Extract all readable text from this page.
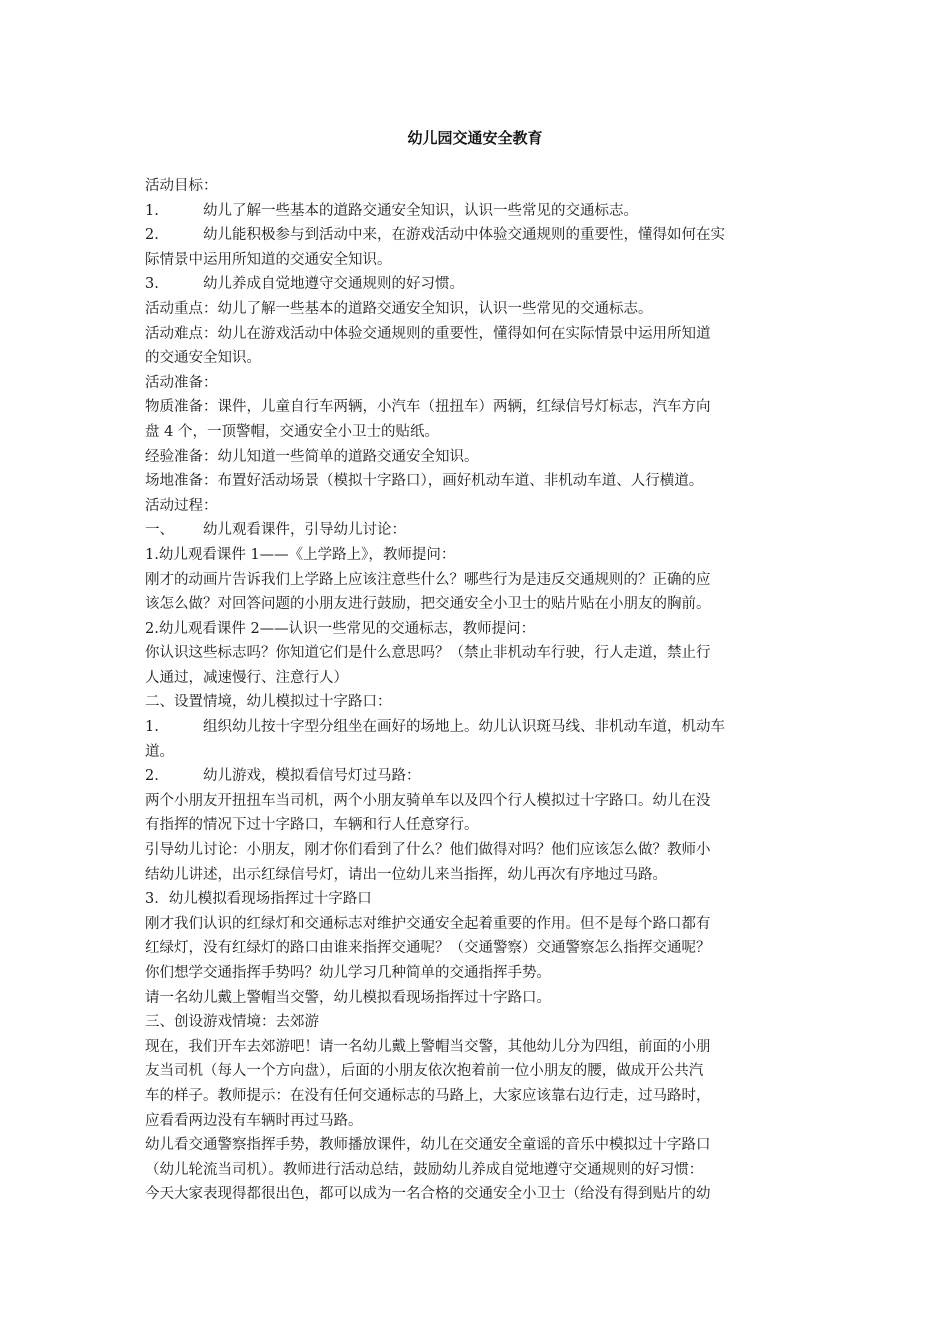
幼儿园交通安全教育
活动目标：
1.	幼儿了解一些基本的道路交通安全知识，认识一些常见的交通标志。
2.	幼儿能积极参与到活动中来，在游戏活动中体验交通规则的重要性，懂得如何在实
际情景中运用所知道的交通安全知识。
3.	幼儿养成自觉地遵守交通规则的好习惯。
活动重点：幼儿了解一些基本的道路交通安全知识，认识一些常见的交通标志。
活动难点：幼儿在游戏活动中体验交通规则的重要性，懂得如何在实际情景中运用所知道
的交通安全知识。
活动准备：
物质准备：课件，儿童自行车两辆，小汽车（扭扭车）两辆，红绿信号灯标志，汽车方向
盘 4 个，一顶警帽，交通安全小卫士的贴纸。
经验准备：幼儿知道一些简单的道路交通安全知识。
场地准备：布置好活动场景（模拟十字路口），画好机动车道、非机动车道、人行横道。
活动过程：
一、	幼儿观看课件，引导幼儿讨论：
1.幼儿观看课件 1——《上学路上》，教师提问：
刚才的动画片告诉我们上学路上应该注意些什么？哪些行为是违反交通规则的？正确的应
该怎么做？对回答问题的小朋友进行鼓励，把交通安全小卫士的贴片贴在小朋友的胸前。
2.幼儿观看课件 2——认识一些常见的交通标志，教师提问：
你认识这些标志吗？你知道它们是什么意思吗？（禁止非机动车行驶，行人走道，禁止行
人通过，减速慢行、注意行人）
二、设置情境，幼儿模拟过十字路口：
1.	组织幼儿按十字型分组坐在画好的场地上。幼儿认识斑马线、非机动车道，机动车
道。
2.	幼儿游戏，模拟看信号灯过马路：
两个小朋友开扭扭车当司机，两个小朋友骑单车以及四个行人模拟过十字路口。幼儿在没
有指挥的情况下过十字路口，车辆和行人任意穿行。
引导幼儿讨论：小朋友，刚才你们看到了什么？他们做得对吗？他们应该怎么做？教师小
结幼儿讲述，出示红绿信号灯，请出一位幼儿来当指挥，幼儿再次有序地过马路。
3．幼儿模拟看现场指挥过十字路口
刚才我们认识的红绿灯和交通标志对维护交通安全起着重要的作用。但不是每个路口都有
红绿灯，没有红绿灯的路口由谁来指挥交通呢？（交通警察）交通警察怎么指挥交通呢？
你们想学交通指挥手势吗？幼儿学习几种简单的交通指挥手势。
请一名幼儿戴上警帽当交警，幼儿模拟看现场指挥过十字路口。
三、创设游戏情境：去郊游
现在，我们开车去郊游吧！请一名幼儿戴上警帽当交警，其他幼儿分为四组，前面的小朋
友当司机（每人一个方向盘），后面的小朋友依次抱着前一位小朋友的腰，做成开公共汽
车的样子。教师提示：在没有任何交通标志的马路上，大家应该靠右边行走，过马路时，
应看看两边没有车辆时再过马路。
幼儿看交通警察指挥手势，教师播放课件，幼儿在交通安全童谣的音乐中模拟过十字路口
（幼儿轮流当司机）。教师进行活动总结，鼓励幼儿养成自觉地遵守交通规则的好习惯：
今天大家表现得都很出色，都可以成为一名合格的交通安全小卫士（给没有得到贴片的幼
